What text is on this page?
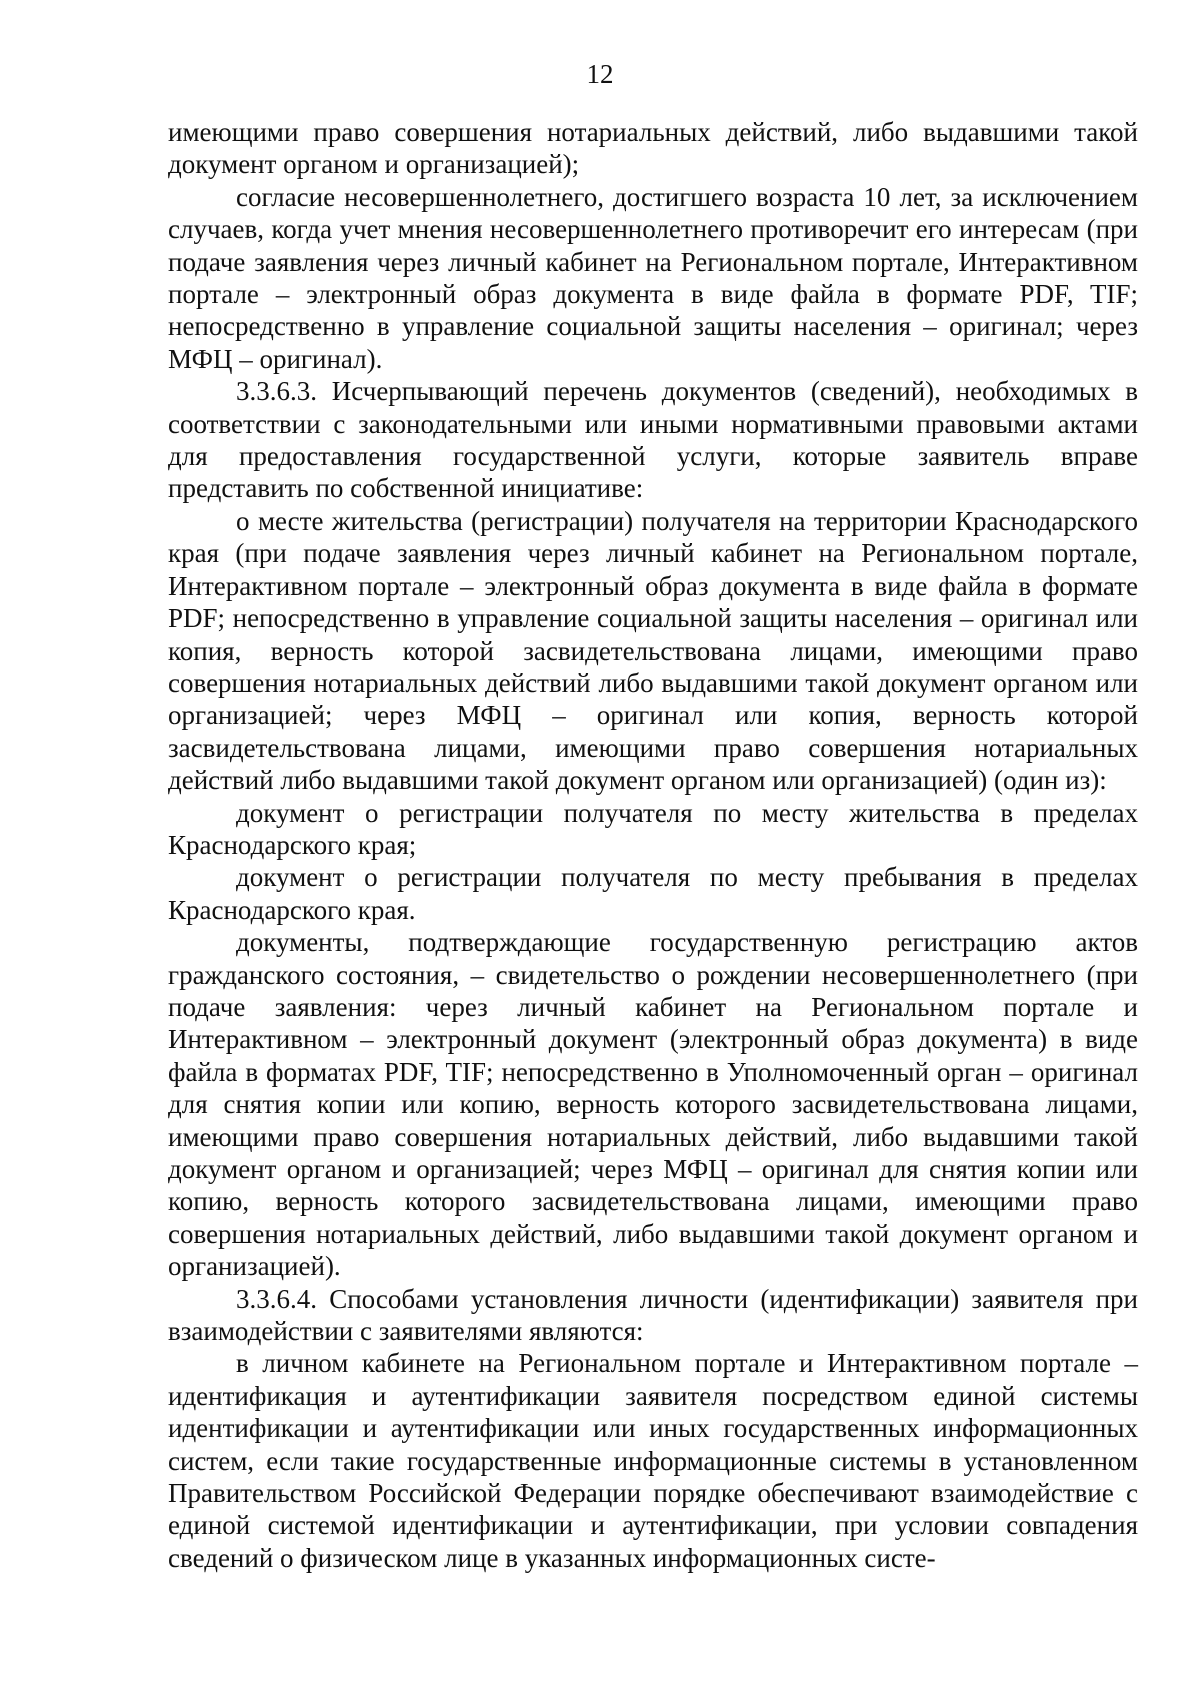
12

имеющими право совершения нотариальных действий, либо выдавшими такой документ органом и организацией);

согласие несовершеннолетнего, достигшего возраста 10 лет, за исключением случаев, когда учет мнения несовершеннолетнего противоречит его интересам (при подаче заявления через личный кабинет на Региональном портале, Интерактивном портале – электронный образ документа в виде файла в формате PDF, TIF; непосредственно в управление социальной защиты населения – оригинал; через МФЦ – оригинал).

3.3.6.3. Исчерпывающий перечень документов (сведений), необходимых в соответствии с законодательными или иными нормативными правовыми актами для предоставления государственной услуги, которые заявитель вправе представить по собственной инициативе:

о месте жительства (регистрации) получателя на территории Краснодарского края (при подаче заявления через личный кабинет на Региональном портале, Интерактивном портале – электронный образ документа в виде файла в формате PDF; непосредственно в управление социальной защиты населения – оригинал или копия, верность которой засвидетельствована лицами, имеющими право совершения нотариальных действий либо выдавшими такой документ органом или организацией; через МФЦ – оригинал или копия, верность которой засвидетельствована лицами, имеющими право совершения нотариальных действий либо выдавшими такой документ органом или организацией) (один из):

документ о регистрации получателя по месту жительства в пределах Краснодарского края;

документ о регистрации получателя по месту пребывания в пределах Краснодарского края.

документы, подтверждающие государственную регистрацию актов гражданского состояния, – свидетельство о рождении несовершеннолетнего (при подаче заявления: через личный кабинет на Региональном портале и Интерактивном – электронный документ (электронный образ документа) в виде файла в форматах PDF, TIF; непосредственно в Уполномоченный орган – оригинал для снятия копии или копию, верность которого засвидетельствована лицами, имеющими право совершения нотариальных действий, либо выдавшими такой документ органом и организацией; через МФЦ – оригинал для снятия копии или копию, верность которого засвидетельствована лицами, имеющими право совершения нотариальных действий, либо выдавшими такой документ органом и организацией).

3.3.6.4. Способами установления личности (идентификации) заявителя при взаимодействии с заявителями являются:

в личном кабинете на Региональном портале и Интерактивном портале – идентификация и аутентификации заявителя посредством единой системы идентификации и аутентификации или иных государственных информационных систем, если такие государственные информационные системы в установленном Правительством Российской Федерации порядке обеспечивают взаимодействие с единой системой идентификации и аутентификации, при условии совпадения сведений о физическом лице в указанных информационных систе-
